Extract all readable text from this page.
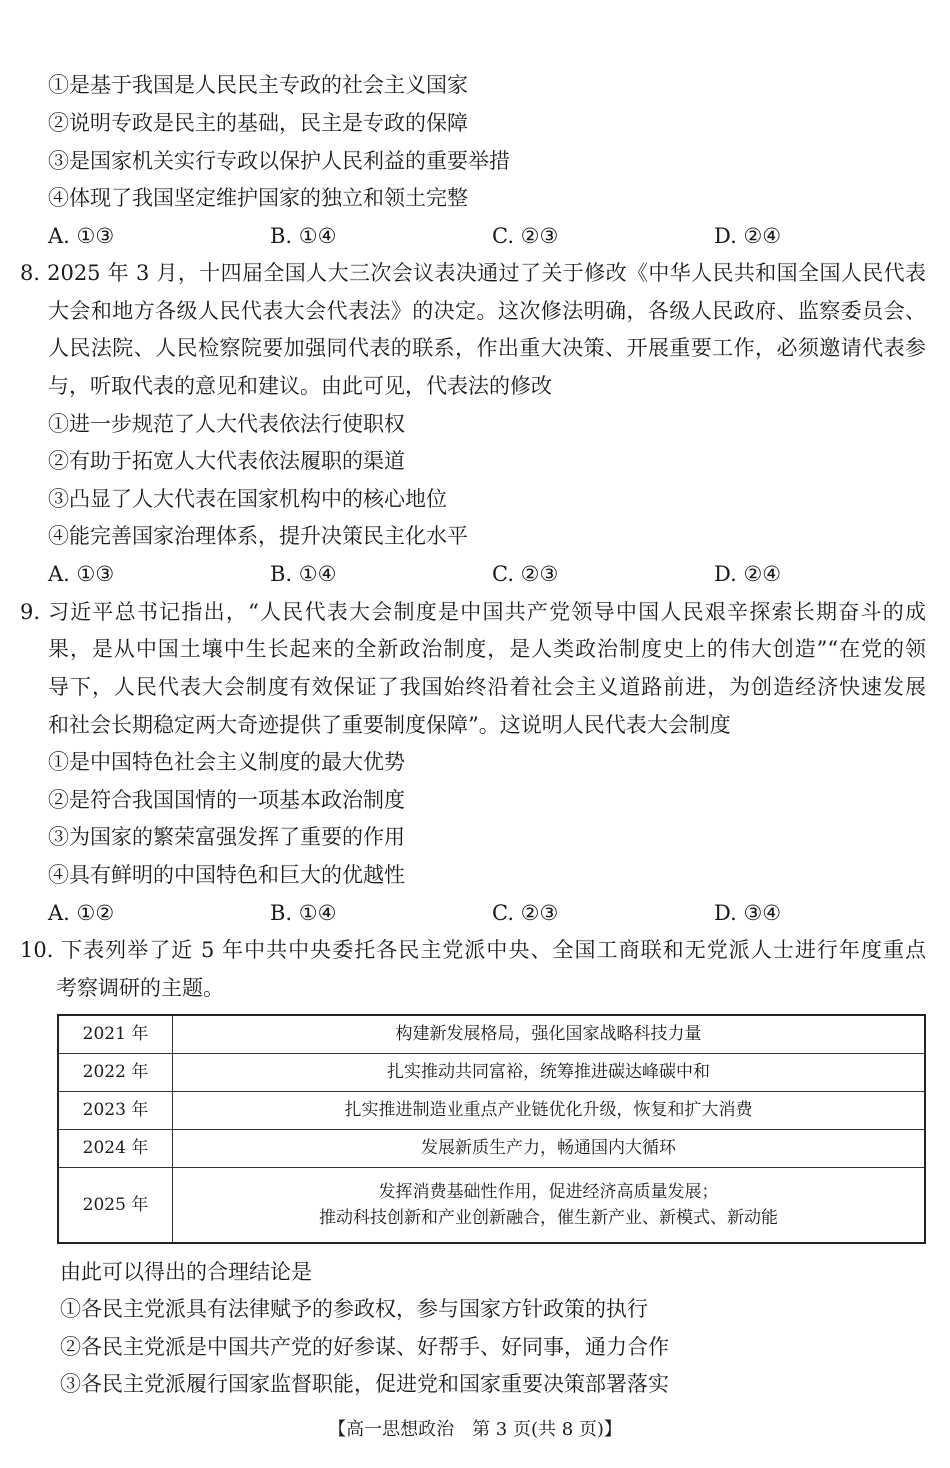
①是基于我国是人民民主专政的社会主义国家
②说明专政是民主的基础，民主是专政的保障
③是国家机关实行专政以保护人民利益的重要举措
④体现了我国坚定维护国家的独立和领土完整
A. ①③	B. ①④	C. ②③	D. ②④
8. 2025 年 3 月，十四届全国人大三次会议表决通过了关于修改《中华人民共和国全国人民代表
大会和地方各级人民代表大会代表法》的决定。这次修法明确，各级人民政府、监察委员会、
人民法院、人民检察院要加强同代表的联系，作出重大决策、开展重要工作，必须邀请代表参
与，听取代表的意见和建议。由此可见，代表法的修改
①进一步规范了人大代表依法行使职权
②有助于拓宽人大代表依法履职的渠道
③凸显了人大代表在国家机构中的核心地位
④能完善国家治理体系，提升决策民主化水平
A. ①③	B. ①④	C. ②③	D. ②④
9. 习近平总书记指出，“人民代表大会制度是中国共产党领导中国人民艰辛探索长期奋斗的成
果，是从中国土壤中生长起来的全新政治制度，是人类政治制度史上的伟大创造”“在党的领
导下，人民代表大会制度有效保证了我国始终沿着社会主义道路前进，为创造经济快速发展
和社会长期稳定两大奇迹提供了重要制度保障”。这说明人民代表大会制度
①是中国特色社会主义制度的最大优势
②是符合我国国情的一项基本政治制度
③为国家的繁荣富强发挥了重要的作用
④具有鲜明的中国特色和巨大的优越性
A. ①②	B. ①④	C. ②③	D. ③④
10. 下表列举了近 5 年中共中央委托各民主党派中央、全国工商联和无党派人士进行年度重点
考察调研的主题。
2021 年	构建新发展格局，强化国家战略科技力量
2022 年	扎实推动共同富裕，统筹推进碳达峰碳中和
2023 年	扎实推进制造业重点产业链优化升级，恢复和扩大消费
2024 年	发展新质生产力，畅通国内大循环
2025 年	发挥消费基础性作用，促进经济高质量发展；
推动科技创新和产业创新融合，催生新产业、新模式、新动能
由此可以得出的合理结论是
①各民主党派具有法律赋予的参政权，参与国家方针政策的执行
②各民主党派是中国共产党的好参谋、好帮手、好同事，通力合作
③各民主党派履行国家监督职能，促进党和国家重要决策部署落实
【高一思想政治　第 3 页(共 8 页)】
